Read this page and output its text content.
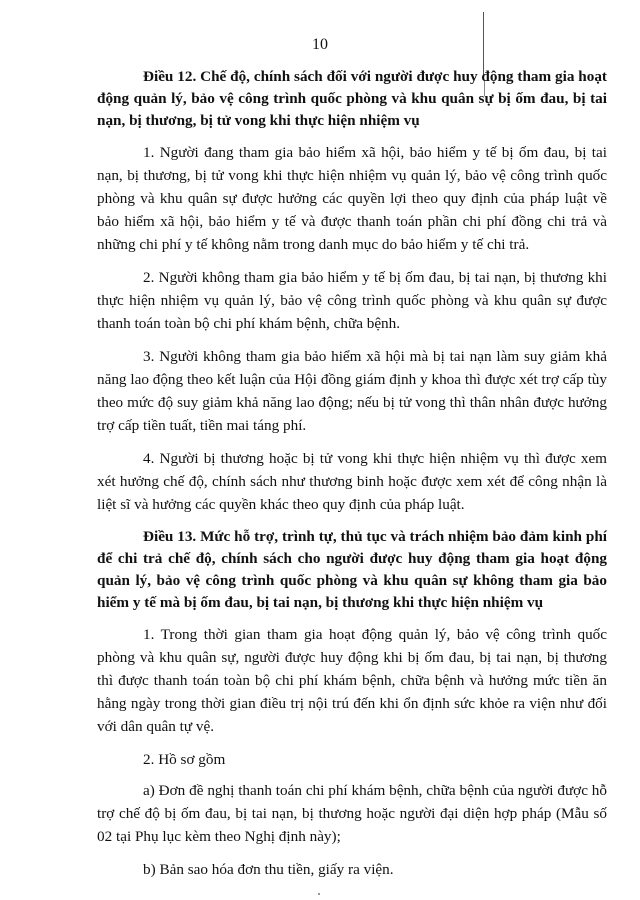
10

Điều 12. Chế độ, chính sách đối với người được huy động tham gia hoạt động quản lý, bảo vệ công trình quốc phòng và khu quân sự bị ốm đau, bị tai nạn, bị thương, bị tử vong khi thực hiện nhiệm vụ

1. Người đang tham gia bảo hiểm xã hội, bảo hiểm y tế bị ốm đau, bị tai nạn, bị thương, bị tử vong khi thực hiện nhiệm vụ quản lý, bảo vệ công trình quốc phòng và khu quân sự được hưởng các quyền lợi theo quy định của pháp luật về bảo hiểm xã hội, bảo hiểm y tế và được thanh toán phần chi phí đồng chi trả và những chi phí y tế không nằm trong danh mục do bảo hiểm y tế chi trả.

2. Người không tham gia bảo hiểm y tế bị ốm đau, bị tai nạn, bị thương khi thực hiện nhiệm vụ quản lý, bảo vệ công trình quốc phòng và khu quân sự được thanh toán toàn bộ chi phí khám bệnh, chữa bệnh.

3. Người không tham gia bảo hiểm xã hội mà bị tai nạn làm suy giảm khả năng lao động theo kết luận của Hội đồng giám định y khoa thì được xét trợ cấp tùy theo mức độ suy giảm khả năng lao động; nếu bị tử vong thì thân nhân được hưởng trợ cấp tiền tuất, tiền mai táng phí.

4. Người bị thương hoặc bị tử vong khi thực hiện nhiệm vụ thì được xem xét hưởng chế độ, chính sách như thương binh hoặc được xem xét để công nhận là liệt sĩ và hưởng các quyền khác theo quy định của pháp luật.

Điều 13. Mức hỗ trợ, trình tự, thủ tục và trách nhiệm bảo đảm kinh phí để chi trả chế độ, chính sách cho người được huy động tham gia hoạt động quản lý, bảo vệ công trình quốc phòng và khu quân sự không tham gia bảo hiểm y tế mà bị ốm đau, bị tai nạn, bị thương khi thực hiện nhiệm vụ

1. Trong thời gian tham gia hoạt động quản lý, bảo vệ công trình quốc phòng và khu quân sự, người được huy động khi bị ốm đau, bị tai nạn, bị thương thì được thanh toán toàn bộ chi phí khám bệnh, chữa bệnh và hưởng mức tiền ăn hằng ngày trong thời gian điều trị nội trú đến khi ổn định sức khỏe ra viện như đối với dân quân tự vệ.

2. Hồ sơ gồm

a) Đơn đề nghị thanh toán chi phí khám bệnh, chữa bệnh của người được hỗ trợ chế độ bị ốm đau, bị tai nạn, bị thương hoặc người đại diện hợp pháp (Mẫu số 02 tại Phụ lục kèm theo Nghị định này);

b) Bản sao hóa đơn thu tiền, giấy ra viện.
